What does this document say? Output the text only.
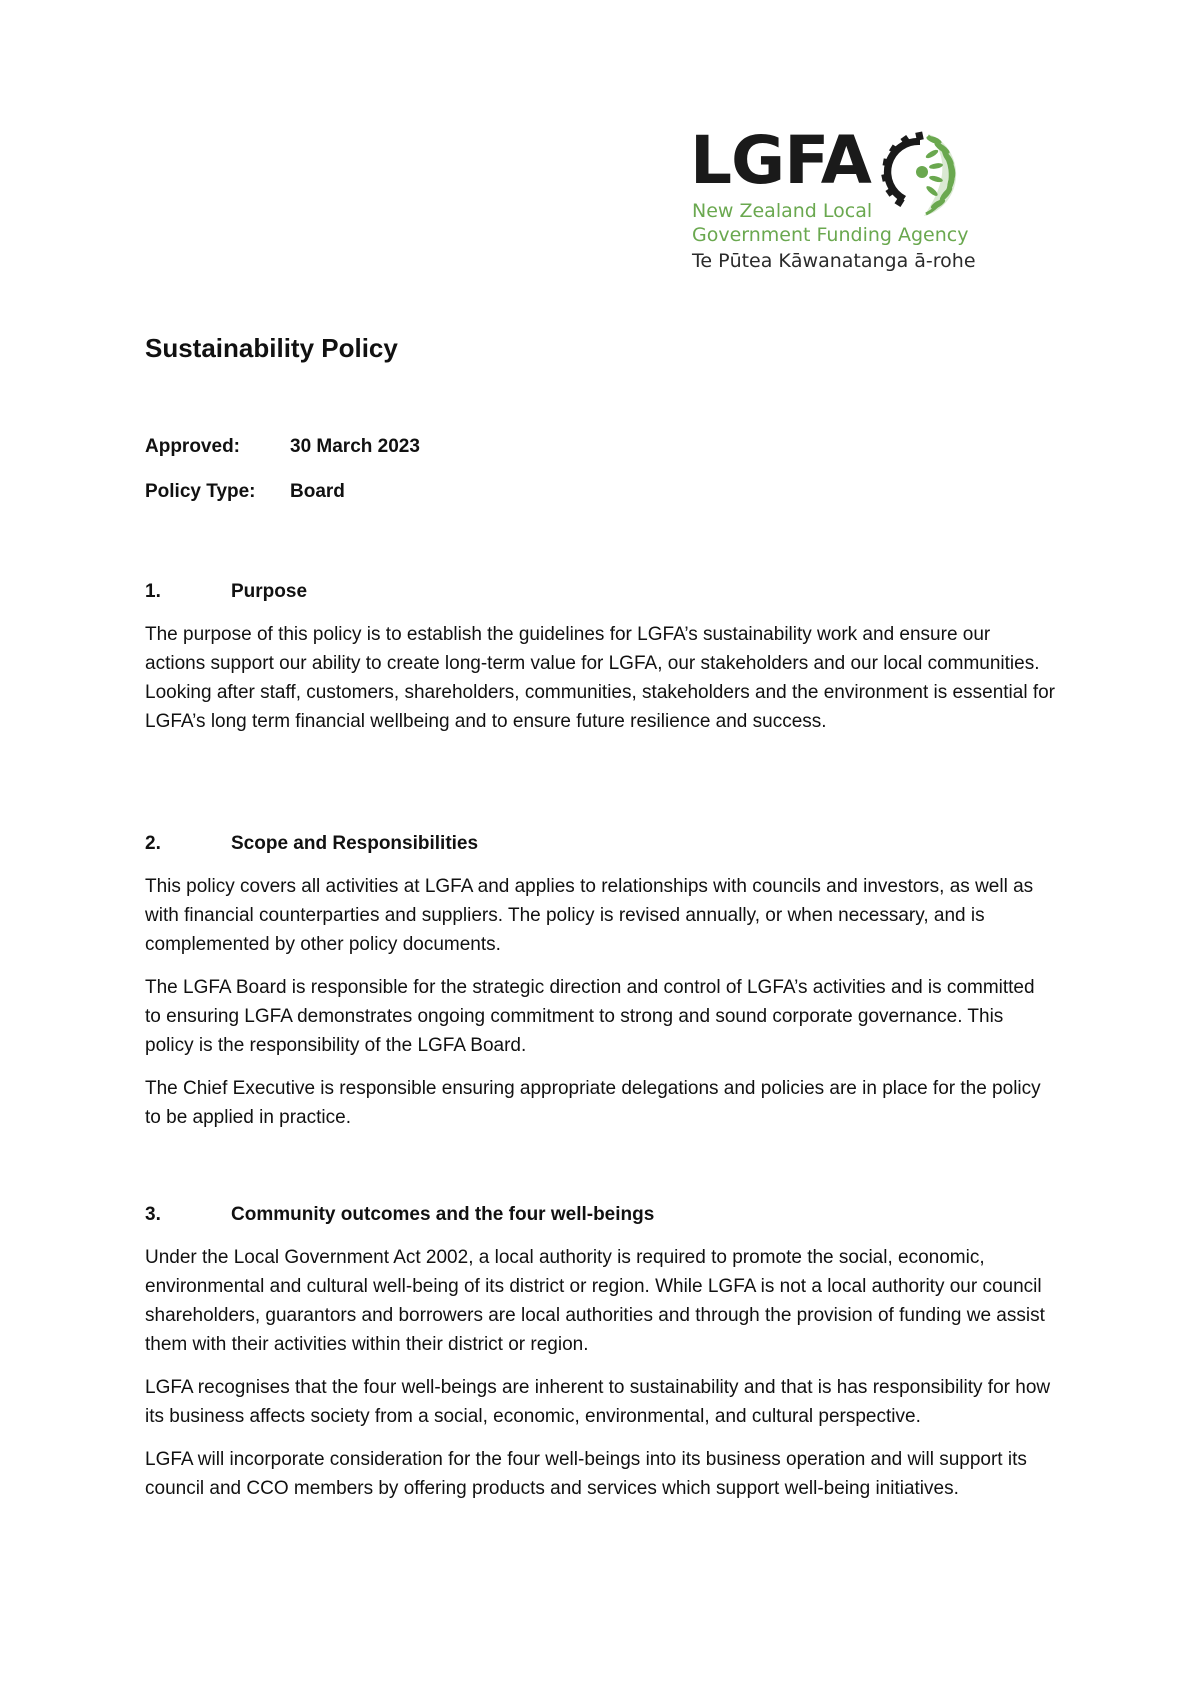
LGFA
New Zealand Local
Government Funding Agency
Te Pūtea Kāwanatanga ā-rohe
Sustainability Policy
Approved:	30 March 2023
Policy Type: Board
1.	Purpose

The purpose of this policy is to establish the guidelines for LGFA’s sustainability work and ensure our actions support our ability to create long-term value for LGFA, our stakeholders and our local communities. Looking after staff, customers, shareholders, communities, stakeholders and the environment is essential for LGFA’s long term financial wellbeing and to ensure future resilience and success.

2.	Scope and Responsibilities

This policy covers all activities at LGFA and applies to relationships with councils and investors, as well as with financial counterparties and suppliers. The policy is revised annually, or when necessary, and is complemented by other policy documents.

The LGFA Board is responsible for the strategic direction and control of LGFA’s activities and is committed to ensuring LGFA demonstrates ongoing commitment to strong and sound corporate governance. This policy is the responsibility of the LGFA Board.

The Chief Executive is responsible ensuring appropriate delegations and policies are in place for the policy to be applied in practice.

3.	Community outcomes and the four well-beings

Under the Local Government Act 2002, a local authority is required to promote the social, economic, environmental and cultural well-being of its district or region. While LGFA is not a local authority our council shareholders, guarantors and borrowers are local authorities and through the provision of funding we assist them with their activities within their district or region.

LGFA recognises that the four well-beings are inherent to sustainability and that is has responsibility for how its business affects society from a social, economic, environmental, and cultural perspective.

LGFA will incorporate consideration for the four well-beings into its business operation and will support its council and CCO members by offering products and services which support well-being initiatives.
